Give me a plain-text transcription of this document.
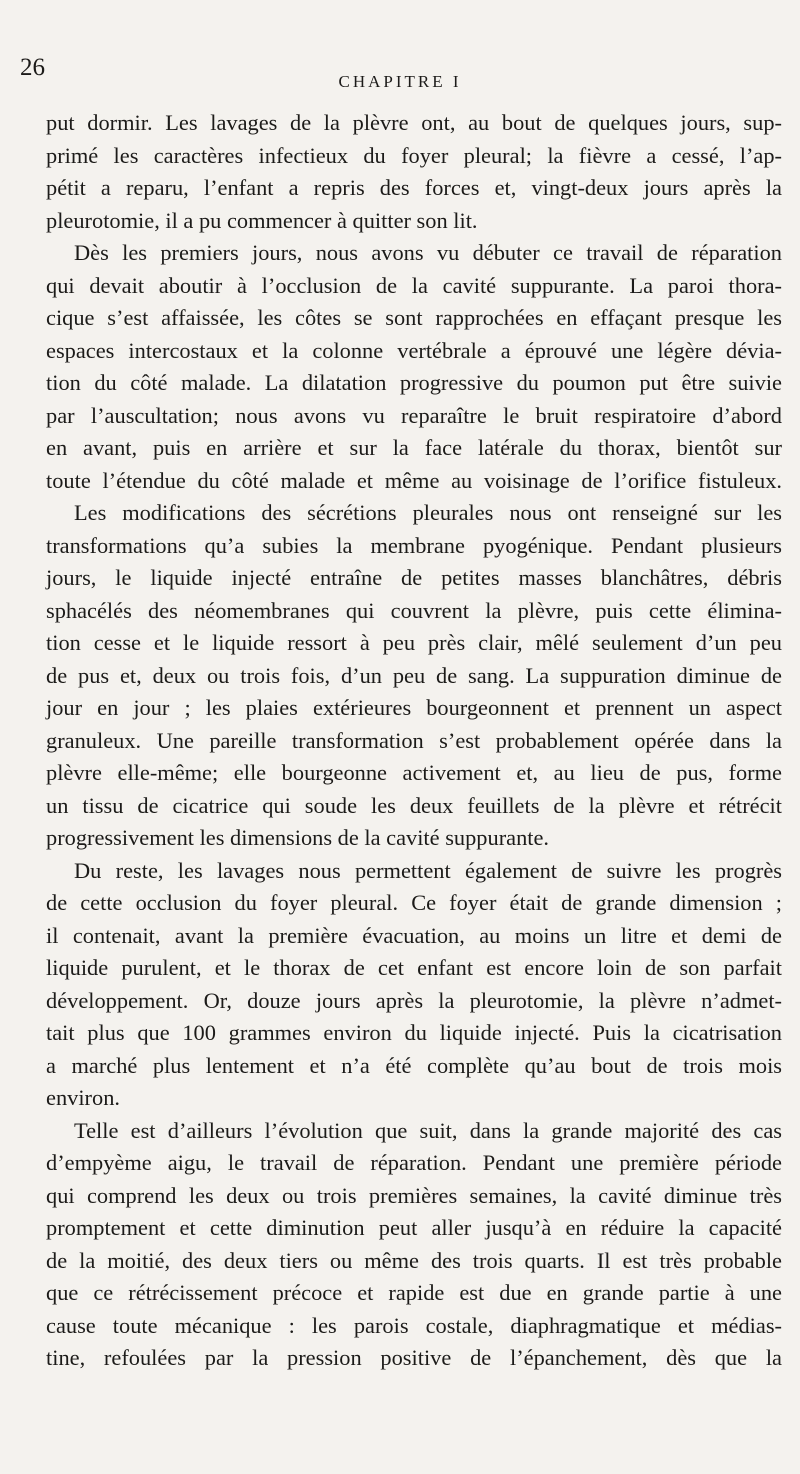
26
CHAPITRE I
put dormir. Les lavages de la plèvre ont, au bout de quelques jours, sup-
primé les caractères infectieux du foyer pleural; la fièvre a cessé, l’ap-
pétit a reparu, l’enfant a repris des forces et, vingt-deux jours après la
pleurotomie, il a pu commencer à quitter son lit.
Dès les premiers jours, nous avons vu débuter ce travail de réparation
qui devait aboutir à l’occlusion de la cavité suppurante. La paroi thora-
cique s’est affaissée, les côtes se sont rapprochées en effaçant presque les
espaces intercostaux et la colonne vertébrale a éprouvé une légère dévia-
tion du côté malade. La dilatation progressive du poumon put être suivie
par l’auscultation; nous avons vu reparaître le bruit respiratoire d’abord
en avant, puis en arrière et sur la face latérale du thorax, bientôt sur
toute l’étendue du côté malade et même au voisinage de l’orifice fistuleux.
Les modifications des sécrétions pleurales nous ont renseigné sur les
transformations qu’a subies la membrane pyogénique. Pendant plusieurs
jours, le liquide injecté entraîne de petites masses blanchâtres, débris
sphacélés des néomembranes qui couvrent la plèvre, puis cette élimina-
tion cesse et le liquide ressort à peu près clair, mêlé seulement d’un peu
de pus et, deux ou trois fois, d’un peu de sang. La suppuration diminue de
jour en jour ; les plaies extérieures bourgeonnent et prennent un aspect
granuleux. Une pareille transformation s’est probablement opérée dans la
plèvre elle-même; elle bourgeonne activement et, au lieu de pus, forme
un tissu de cicatrice qui soude les deux feuillets de la plèvre et rétrécit
progressivement les dimensions de la cavité suppurante.
Du reste, les lavages nous permettent également de suivre les progrès
de cette occlusion du foyer pleural. Ce foyer était de grande dimension ;
il contenait, avant la première évacuation, au moins un litre et demi de
liquide purulent, et le thorax de cet enfant est encore loin de son parfait
développement. Or, douze jours après la pleurotomie, la plèvre n’admet-
tait plus que 100 grammes environ du liquide injecté. Puis la cicatrisation
a marché plus lentement et n’a été complète qu’au bout de trois mois
environ.
Telle est d’ailleurs l’évolution que suit, dans la grande majorité des cas
d’empyème aigu, le travail de réparation. Pendant une première période
qui comprend les deux ou trois premières semaines, la cavité diminue très
promptement et cette diminution peut aller jusqu’à en réduire la capacité
de la moitié, des deux tiers ou même des trois quarts. Il est très probable
que ce rétrécissement précoce et rapide est due en grande partie à une
cause toute mécanique : les parois costale, diaphragmatique et médias-
tine, refoulées par la pression positive de l’épanchement, dès que la
